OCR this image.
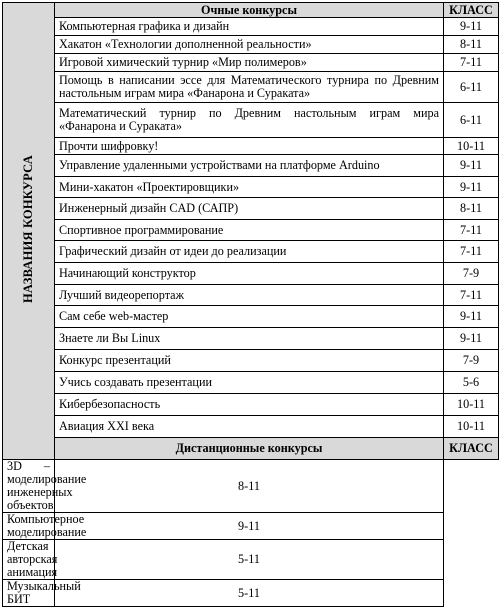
НАЗВАНИЯ КОНКУРСА	Очные конкурсы	КЛАСС
	Компьютерная графика и дизайн	9-11
	Хакатон «Технологии дополненной реальности»	8-11
	Игровой химический турнир «Мир полимеров»	7-11
	Помощь в написании эссе для Математического турнира по Древним настольным играм мира «Фанарона и Сураката»	6-11
	Математический турнир по Древним настольным играм мира «Фанарона и Сураката»	6-11
	Прочти шифровку!	10-11
	Управление удаленными устройствами на платформе Arduino	9-11
	Мини-хакатон «Проектировщики»	9-11
	Инженерный дизайн CAD (САПР)	8-11
	Спортивное программирование	7-11
	Графический дизайн от идеи до реализации	7-11
	Начинающий конструктор	7-9
	Лучший видеорепортаж	7-11
	Сам себе web-мастер	9-11
	Знаете ли Вы Linux	9-11
	Конкурс презентаций	7-9
	Учись создавать презентации	5-6
	Кибербезопасность	10-11
	Авиация XXI века	10-11
	Дистанционные конкурсы	КЛАСС
3D –моделирование инженерных объектов	8-11	
Компьютерное моделирование	9-11	
Детская авторская анимация	5-11	
Музыкальный БИТ	5-11	
